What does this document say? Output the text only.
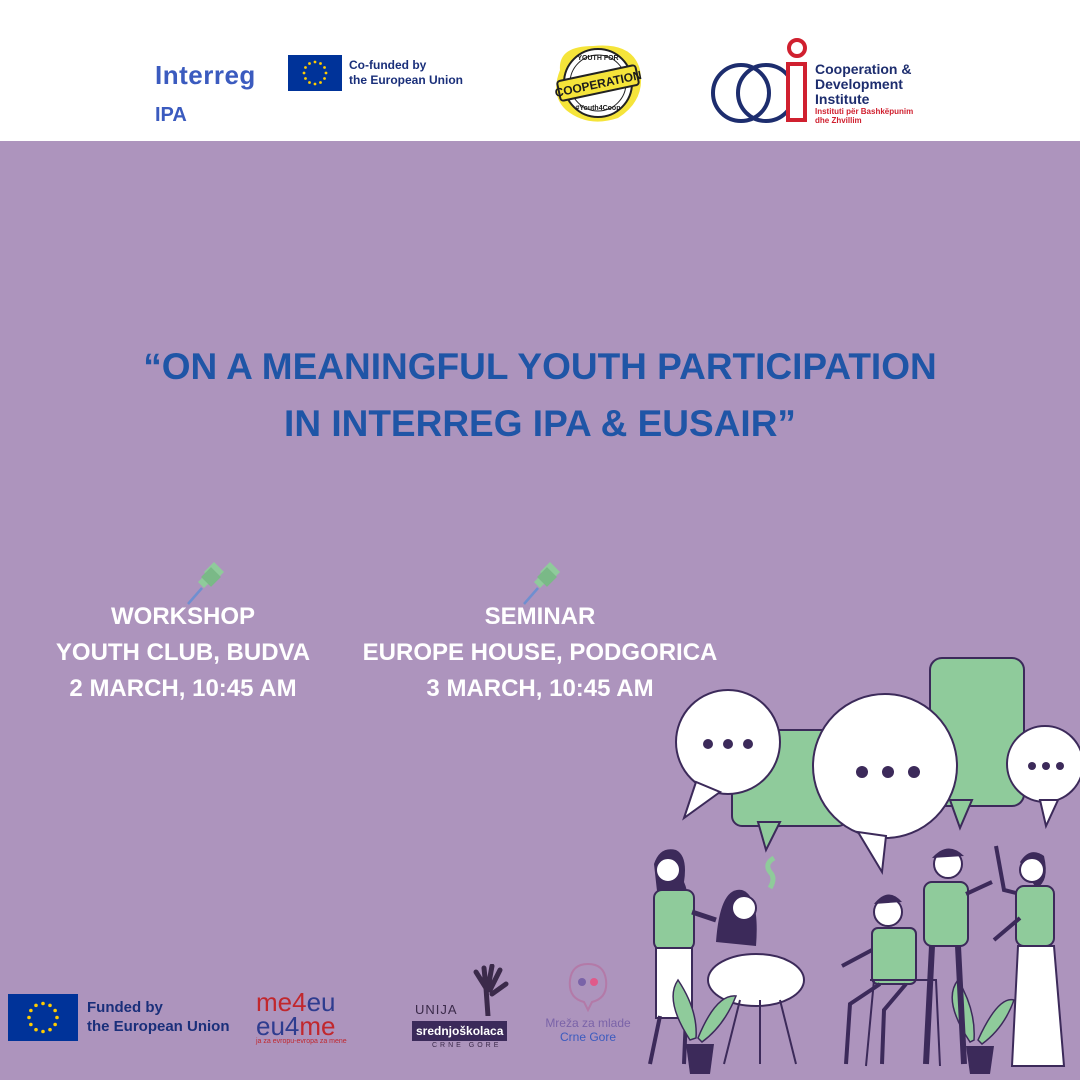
Interreg
IPA
Co-funded by
the European Union	COOPERATION
YOUTH FOR
#Youth4Coop
Cooperation &
Development
Institute
Instituti për Bashkëpunim
dhe Zhvillim
“ON A MEANINGFUL YOUTH PARTICIPATION
IN INTERREG IPA & EUSAIR”
WORKSHOP
YOUTH CLUB, BUDVA
2 MARCH, 10:45 AM
SEMINAR
EUROPE HOUSE, PODGORICA
3 MARCH, 10:45 AM
Funded by
the European Union
me4eu
eu4me
ja za evropu-evropa za mene
UNIJA
srednjoškolaca
CRNE GORE
Mreža za mlade
Crne Gore
